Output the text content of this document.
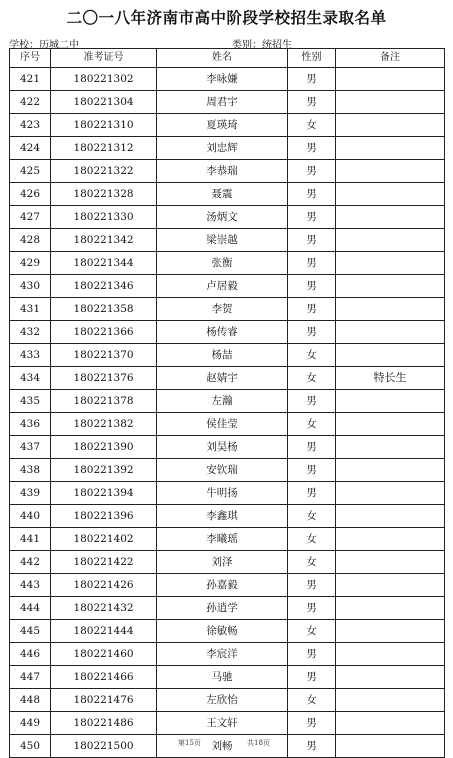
二〇一八年济南市高中阶段学校招生录取名单
学校：历城二中	类别：统招生
序号	准考证号	姓名	性别	备注
421	180221302	李咏嫌	男	
422	180221304	周君宇	男	
423	180221310	夏瑛琦	女	
424	180221312	刘忠辉	男	
425	180221322	李恭瑞	男	
426	180221328	聂震	男	
427	180221330	汤炳文	男	
428	180221342	梁崇越	男	
429	180221344	张衡	男	
430	180221346	卢居毅	男	
431	180221358	李贺	男	
432	180221366	杨传睿	男	
433	180221370	杨喆	女	
434	180221376	赵婧宇	女	特长生
435	180221378	左瀚	男	
436	180221382	侯佳莹	女	
437	180221390	刘昊杨	男	
438	180221392	安钦瑞	男	
439	180221394	牛明扬	男	
440	180221396	李鑫琪	女	
441	180221402	李曦瑶	女	
442	180221422	刘泽	女	
443	180221426	孙嘉毅	男	
444	180221432	孙逍学	男	
445	180221444	徐敏畅	女	
446	180221460	李宸洋	男	
447	180221466	马驰	男	
448	180221476	左欣怡	女	
449	180221486	王文轩	男	
450	180221500	刘畅	男	
第15页	共18页
